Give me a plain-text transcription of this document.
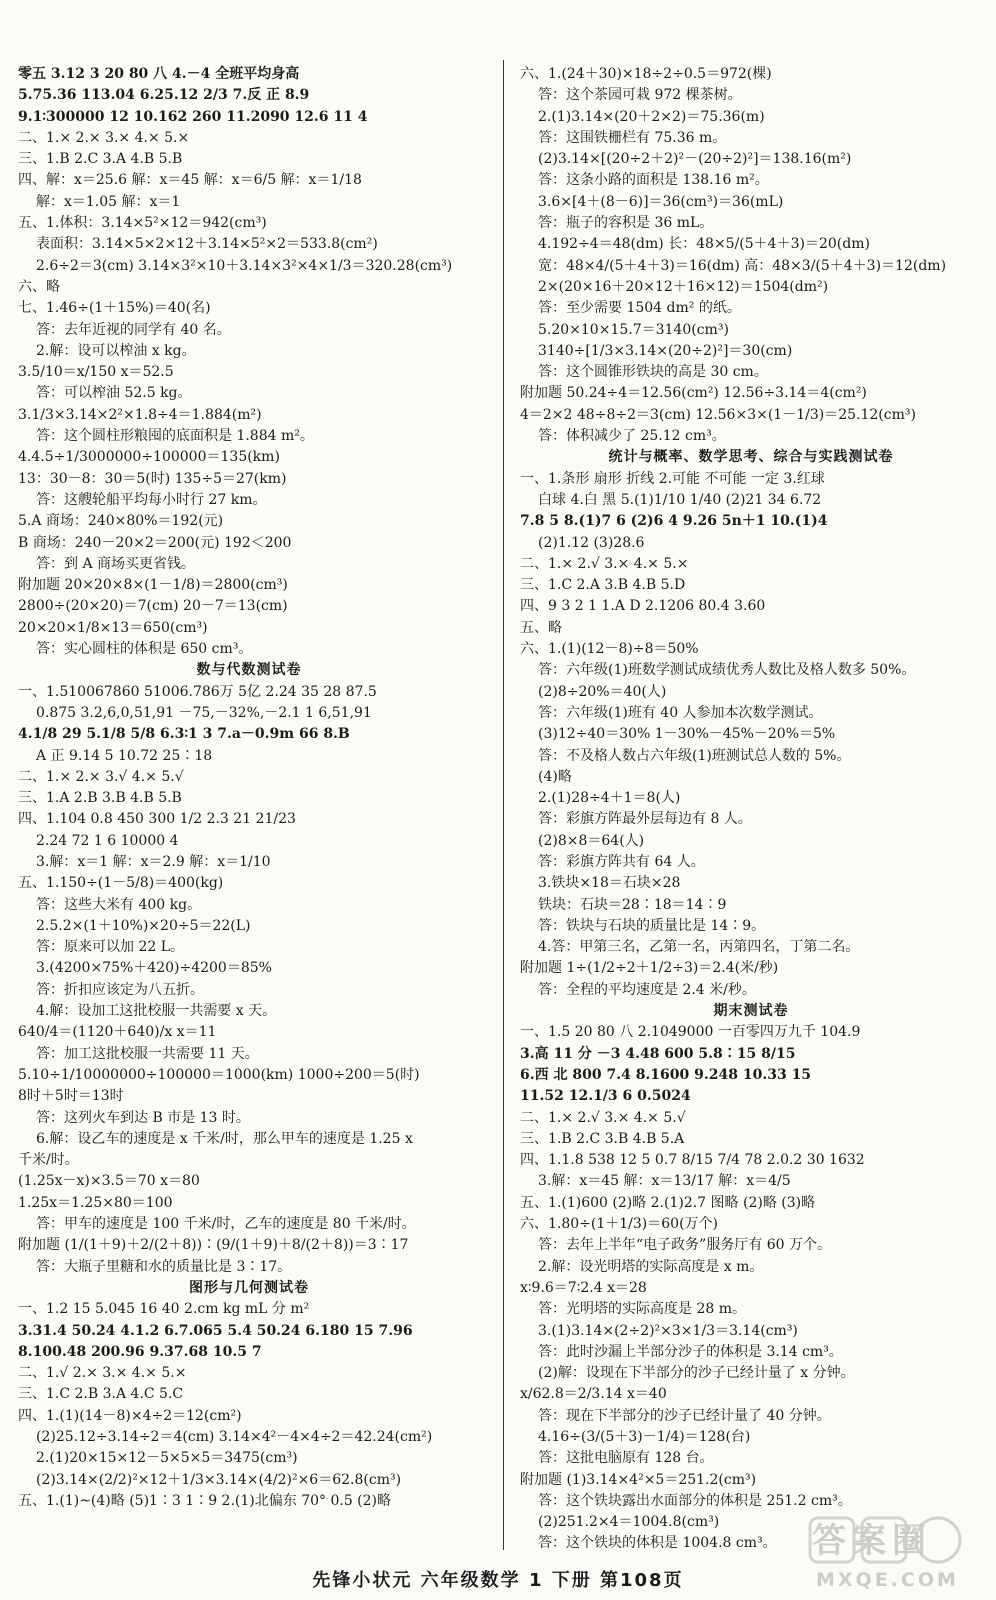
零五 3.12 3 20 80 八 4.－4 全班平均身高
5.75.36 113.04 6.25.12 2/3 7.反 正 8.9
9.1∶300000 12 10.162 260 11.2090 12.6 11 4
二、1.× 2.× 3.× 4.× 5.×
三、1.B 2.C 3.A 4.B 5.B
四、解：x＝25.6 解：x＝45 解：x＝6/5 解：x＝1/18
解：x＝1.05 解：x＝1
五、1.体积：3.14×5²×12＝942(cm³)
表面积：3.14×5×2×12＋3.14×5²×2＝533.8(cm²)
2.6÷2＝3(cm) 3.14×3²×10＋3.14×3²×4×1/3＝320.28(cm³)
六、略
七、1.46÷(1＋15%)＝40(名)
答：去年近视的同学有 40 名。
2.解：设可以榨油 x kg。
3.5/10＝x/150 x＝52.5
答：可以榨油 52.5 kg。
3.1/3×3.14×2²×1.8÷4＝1.884(m²)
答：这个圆柱形粮囤的底面积是 1.884 m²。
4.4.5÷1/3000000÷100000＝135(km)
13：30－8：30＝5(时) 135÷5＝27(km)
答：这艘轮船平均每小时行 27 km。
5.A 商场：240×80%＝192(元)
B 商场：240－20×2＝200(元) 192＜200
答：到 A 商场买更省钱。
附加题 20×20×8×(1－1/8)＝2800(cm³)
2800÷(20×20)＝7(cm) 20－7＝13(cm)
20×20×1/8×13＝650(cm³)
答：实心圆柱的体积是 650 cm³。
数与代数测试卷
一、1.510067860 51006.786万 5亿 2.24 35 28 87.5
0.875 3.2,6,0,51,91 －75,－32%,－2.1 1 6,51,91
4.1/8 29 5.1/8 5/8 6.3∶1 3 7.a－0.9m 66 8.B
A 正 9.14 5 10.72 25∶18
二、1.× 2.× 3.√ 4.× 5.√
三、1.A 2.B 3.B 4.B 5.B
四、1.104 0.8 450 300 1/2 2.3 21 21/23
2.24 72 1 6 10000 4
3.解：x＝1 解：x＝2.9 解：x＝1/10
五、1.150÷(1－5/8)＝400(kg)
答：这些大米有 400 kg。
2.5.2×(1＋10%)×20÷5＝22(L)
答：原来可以加 22 L。
3.(4200×75%＋420)÷4200＝85%
答：折扣应该定为八五折。
4.解：设加工这批校服一共需要 x 天。
640/4＝(1120＋640)/x x＝11
答：加工这批校服一共需要 11 天。
5.10÷1/10000000÷100000＝1000(km) 1000÷200＝5(时)
8时＋5时＝13时
答：这列火车到达 B 市是 13 时。
6.解：设乙车的速度是 x 千米/时，那么甲车的速度是 1.25 x
千米/时。
(1.25x－x)×3.5＝70 x＝80
1.25x＝1.25×80＝100
答：甲车的速度是 100 千米/时，乙车的速度是 80 千米/时。
附加题 (1/(1＋9)＋2/(2＋8))∶(9/(1＋9)＋8/(2＋8))＝3∶17
答：大瓶子里糖和水的质量比是 3∶17。
图形与几何测试卷
一、1.2 15 5.045 16 40 2.cm kg mL 分 m²
3.31.4 50.24 4.1.2 6.7.065 5.4 50.24 6.180 15 7.96
8.100.48 200.96 9.37.68 10.5 7
二、1.√ 2.× 3.× 4.× 5.×
三、1.C 2.B 3.A 4.C 5.C
四、1.(1)(14－8)×4÷2＝12(cm²)
(2)25.12÷3.14÷2＝4(cm) 3.14×4²－4×4÷2＝42.24(cm²)
2.(1)20×15×12－5×5×5＝3475(cm³)
(2)3.14×(2/2)²×12＋1/3×3.14×(4/2)²×6＝62.8(cm³)
五、1.(1)~(4)略 (5)1∶3 1∶9 2.(1)北偏东 70° 0.5 (2)略
六、1.(24＋30)×18÷2÷0.5＝972(棵)
答：这个茶园可栽 972 棵茶树。
2.(1)3.14×(20＋2×2)＝75.36(m)
答：这围铁栅栏有 75.36 m。
(2)3.14×[(20÷2＋2)²－(20÷2)²]＝138.16(m²)
答：这条小路的面积是 138.16 m²。
3.6×[4＋(8－6)]＝36(cm³)＝36(mL)
答：瓶子的容积是 36 mL。
4.192÷4＝48(dm) 长：48×5/(5＋4＋3)＝20(dm)
宽：48×4/(5＋4＋3)＝16(dm) 高：48×3/(5＋4＋3)＝12(dm)
2×(20×16＋20×12＋16×12)＝1504(dm²)
答：至少需要 1504 dm² 的纸。
5.20×10×15.7＝3140(cm³)
3140÷[1/3×3.14×(20÷2)²]＝30(cm)
答：这个圆锥形铁块的高是 30 cm。
附加题 50.24÷4＝12.56(cm²) 12.56÷3.14＝4(cm²)
4＝2×2 48÷8÷2＝3(cm) 12.56×3×(1－1/3)＝25.12(cm³)
答：体积减少了 25.12 cm³。
统计与概率、数学思考、综合与实践测试卷
一、1.条形 扇形 折线 2.可能 不可能 一定 3.红球
白球 4.白 黑 5.(1)1/10 1/40 (2)21 34 6.72
7.8 5 8.(1)7 6 (2)6 4 9.26 5n＋1 10.(1)4
(2)1.12 (3)28.6
二、1.× 2.√ 3.× 4.× 5.×
三、1.C 2.A 3.B 4.B 5.D
四、9 3 2 1 1.A D 2.1206 80.4 3.60
五、略
六、1.(1)(12－8)÷8＝50%
答：六年级(1)班数学测试成绩优秀人数比及格人数多 50%。
(2)8÷20%＝40(人)
答：六年级(1)班有 40 人参加本次数学测试。
(3)12÷40＝30% 1－30%－45%－20%＝5%
答：不及格人数占六年级(1)班测试总人数的 5%。
(4)略
2.(1)28÷4＋1＝8(人)
答：彩旗方阵最外层每边有 8 人。
(2)8×8＝64(人)
答：彩旗方阵共有 64 人。
3.铁块×18＝石块×28
铁块：石块＝28∶18＝14∶9
答：铁块与石块的质量比是 14∶9。
4.答：甲第三名，乙第一名，丙第四名，丁第二名。
附加题 1÷(1/2÷2＋1/2÷3)＝2.4(米/秒)
答：全程的平均速度是 2.4 米/秒。
期末测试卷
一、1.5 20 80 八 2.1049000 一百零四万九千 104.9
3.高 11 分 －3 4.48 600 5.8∶15 8/15
6.西 北 800 7.4 8.1600 9.248 10.33 15
11.52 12.1/3 6 0.5024
二、1.× 2.√ 3.× 4.× 5.√
三、1.B 2.C 3.B 4.B 5.A
四、1.1.8 538 12 5 0.7 8/15 7/4 78 2.0.2 30 1632
3.解：x＝45 解：x＝13/17 解：x＝4/5
五、1.(1)600 (2)略 2.(1)2.7 图略 (2)略 (3)略
六、1.80÷(1＋1/3)＝60(万个)
答：去年上半年“电子政务”服务厅有 60 万个。
2.解：设光明塔的实际高度是 x m。
x∶9.6＝7∶2.4 x＝28
答：光明塔的实际高度是 28 m。
3.(1)3.14×(2÷2)²×3×1/3＝3.14(cm³)
答：此时沙漏上半部分沙子的体积是 3.14 cm³。
(2)解：设现在下半部分的沙子已经计量了 x 分钟。
x/62.8＝2/3.14 x＝40
答：现在下半部分的沙子已经计量了 40 分钟。
4.16÷(3/(5＋3)－1/4)＝128(台)
答：这批电脑原有 128 台。
附加题 (1)3.14×4²×5＝251.2(cm³)
答：这个铁块露出水面部分的体积是 251.2 cm³。
(2)251.2×4＝1004.8(cm³)
答：这个铁块的体积是 1004.8 cm³。
先锋小状元 六年级数学 1 下册 第108页
答案圈
MXQE.COM
